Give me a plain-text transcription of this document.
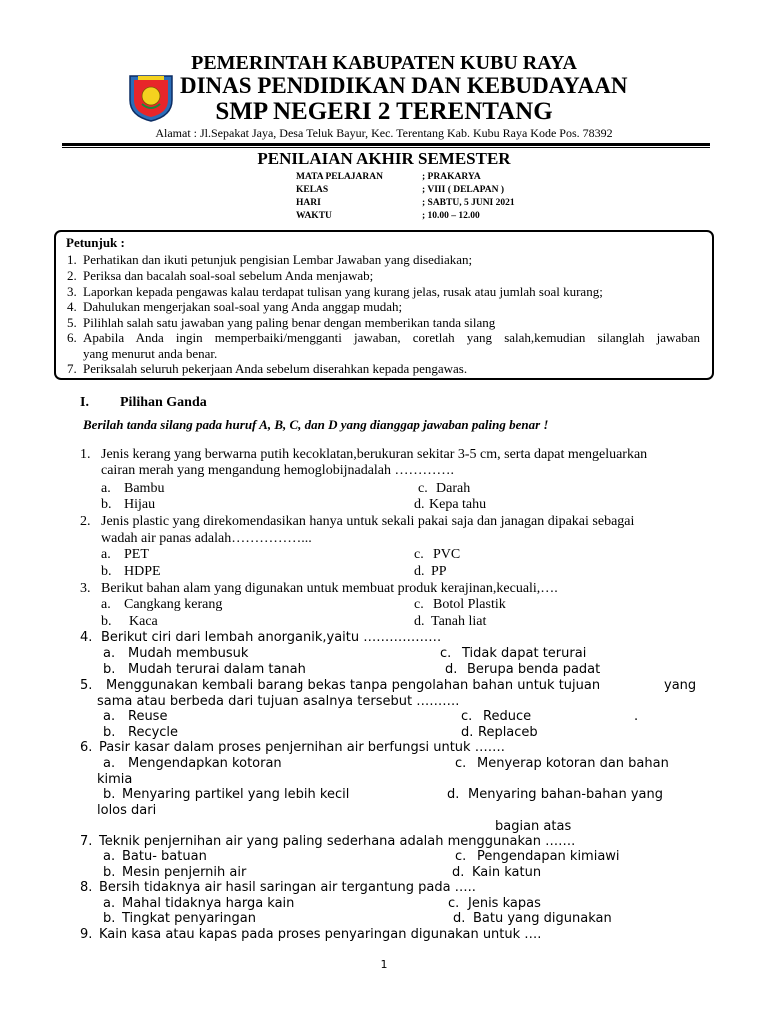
PEMERINTAH KABUPATEN KUBU RAYA
DINAS PENDIDIKAN DAN KEBUDAYAAN
SMP NEGERI 2 TERENTANG
Alamat : Jl.Sepakat Jaya, Desa Teluk Bayur, Kec. Terentang Kab. Kubu Raya Kode Pos. 78392
PENILAIAN AKHIR SEMESTER
MATA PELAJARAN	; PRAKARYA
KELAS	; VIII ( DELAPAN )
HARI	; SABTU, 5 JUNI 2021
WAKTU	; 10.00 – 12.00
Petunjuk :
1. Perhatikan dan ikuti petunjuk pengisian Lembar Jawaban yang disediakan;
2. Periksa dan bacalah soal-soal sebelum Anda menjawab;
3. Laporkan kepada pengawas kalau terdapat tulisan yang kurang jelas, rusak atau jumlah soal kurang;
4. Dahulukan mengerjakan soal-soal yang Anda anggap mudah;
5. Pilihlah salah satu jawaban yang paling benar dengan memberikan tanda silang
6. Apabila Anda ingin memperbaiki/mengganti jawaban, coretlah yang salah,kemudian silanglah jawaban
yang menurut anda benar.
7. Periksalah seluruh pekerjaan Anda sebelum diserahkan kepada pengawas.
I. Pilihan Ganda
Berilah tanda silang pada huruf A, B, C, dan D yang dianggap jawaban paling benar !
1. Jenis kerang yang berwarna putih kecoklatan,berukuran sekitar 3-5 cm, serta dapat mengeluarkan
cairan merah yang mengandung hemoglobijnadalah ………….
a. Bambu	c. Darah
b. Hijau	d. Kepa tahu
2. Jenis plastic yang direkomendasikan hanya untuk sekali pakai saja dan janagan dipakai sebagai
wadah air panas adalah……………...
a. PET	c. PVC
b. HDPE	d. PP
3. Berikut bahan alam yang digunakan untuk membuat produk kerajinan,kecuali,….
a. Cangkang kerang	c. Botol Plastik
b. Kaca	d. Tanah liat
4. Berikut ciri dari lembah anorganik,yaitu ………………
a. Mudah membusuk	c. Tidak dapat terurai
b. Mudah terurai dalam tanah	d. Berupa benda padat
5. Menggunakan kembali barang bekas tanpa pengolahan bahan untuk tujuan	yang
sama atau berbeda dari tujuan asalnya tersebut ……….
a. Reuse	c. Reduce	.
b. Recycle	d. Replaceb
6. Pasir kasar dalam proses penjernihan air berfungsi untuk …….
a. Mengendapkan kotoran	c. Menyerap kotoran dan bahan
kimia
b. Menyaring partikel yang lebih kecil	d. Menyaring bahan-bahan yang
lolos dari
bagian atas
7. Teknik penjernihan air yang paling sederhana adalah menggunakan …….
a. Batu- batuan	c. Pengendapan kimiawi
b. Mesin penjernih air	d. Kain katun
8. Bersih tidaknya air hasil saringan air tergantung pada …..
a. Mahal tidaknya harga kain	c. Jenis kapas
b. Tingkat penyaringan	d. Batu yang digunakan
9. Kain kasa atau kapas pada proses penyaringan digunakan untuk ….
1
